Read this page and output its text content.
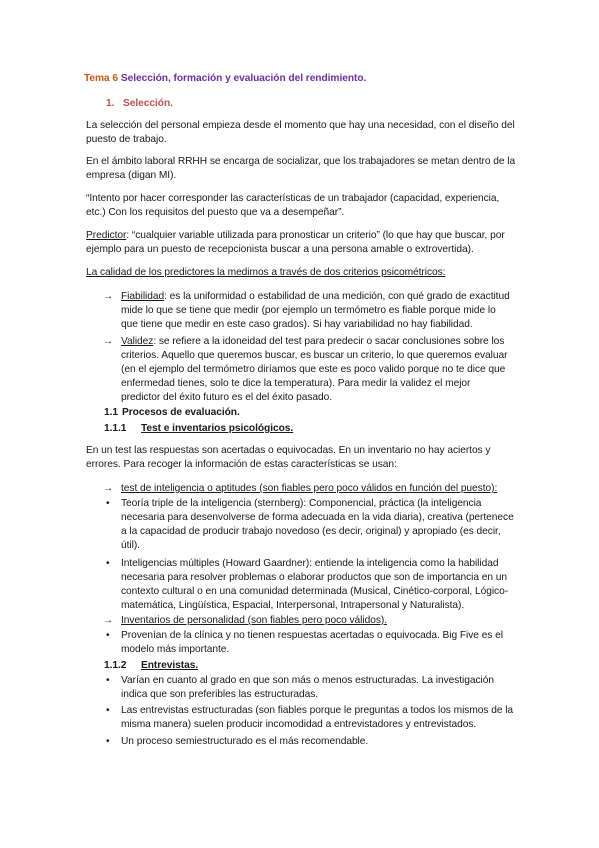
Tema 6 Selección, formación y evaluación del rendimiento.
1. Selección.
La selección del personal empieza desde el momento que hay una necesidad, con el diseño del
puesto de trabajo.
En el ámbito laboral RRHH se encarga de socializar, que los trabajadores se metan dentro de la
empresa (digan MI).
“Intento por hacer corresponder las características de un trabajador (capacidad, experiencia,
etc.) Con los requisitos del puesto que va a desempeñar”.
Predictor: “cualquier variable utilizada para pronosticar un criterio” (lo que hay que buscar, por
ejemplo para un puesto de recepcionista buscar a una persona amable o extrovertida).
La calidad de los predictores la medimos a través de dos criterios psicométricos:
→ Fiabilidad: es la uniformidad o estabilidad de una medición, con qué grado de exactitud
mide lo que se tiene que medir (por ejemplo un termómetro es fiable porque mide lo
que tiene que medir en este caso grados). Si hay variabilidad no hay fiabilidad.
→ Validez: se refiere a la idoneidad del test para predecir o sacar conclusiones sobre los
criterios. Aquello que queremos buscar, es buscar un criterio, lo que queremos evaluar
(en el ejemplo del termómetro diríamos que este es poco valido porque no te dice que
enfermedad tienes, solo te dice la temperatura). Para medir la validez el mejor
predictor del éxito futuro es el del éxito pasado.
1.1 Procesos de evaluación.
1.1.1 Test e inventarios psicológicos.
En un test las respuestas son acertadas o equivocadas. En un inventario no hay aciertos y
errores. Para recoger la información de estas características se usan:
→ test de inteligencia o aptitudes (son fiables pero poco válidos en función del puesto):
• Teoría triple de la inteligencia (sternberg): Componencial, práctica (la inteligencia
necesaria para desenvolverse de forma adecuada en la vida diaria), creativa (pertenece
a la capacidad de producir trabajo novedoso (es decir, original) y apropiado (es decir,
útil).
• Inteligencias múltiples (Howard Gaardner): entiende la inteligencia como la habilidad
necesaria para resolver problemas o elaborar productos que son de importancia en un
contexto cultural o en una comunidad determinada (Musical, Cinético-corporal, Lógico-
matemática, Lingüística, Espacial, Interpersonal, Intrapersonal y Naturalista).
→ Inventarios de personalidad (son fiables pero poco válidos).
• Provenían de la clínica y no tienen respuestas acertadas o equivocada. Big Five es el
modelo más importante.
1.1.2 Entrevistas.
• Varían en cuanto al grado en que son más o menos estructuradas. La investigación
indica que son preferibles las estructuradas.
• Las entrevistas estructuradas (son fiables porque le preguntas a todos los mismos de la
misma manera) suelen producir incomodidad a entrevistadores y entrevistados.
• Un proceso semiestructurado es el más recomendable.
